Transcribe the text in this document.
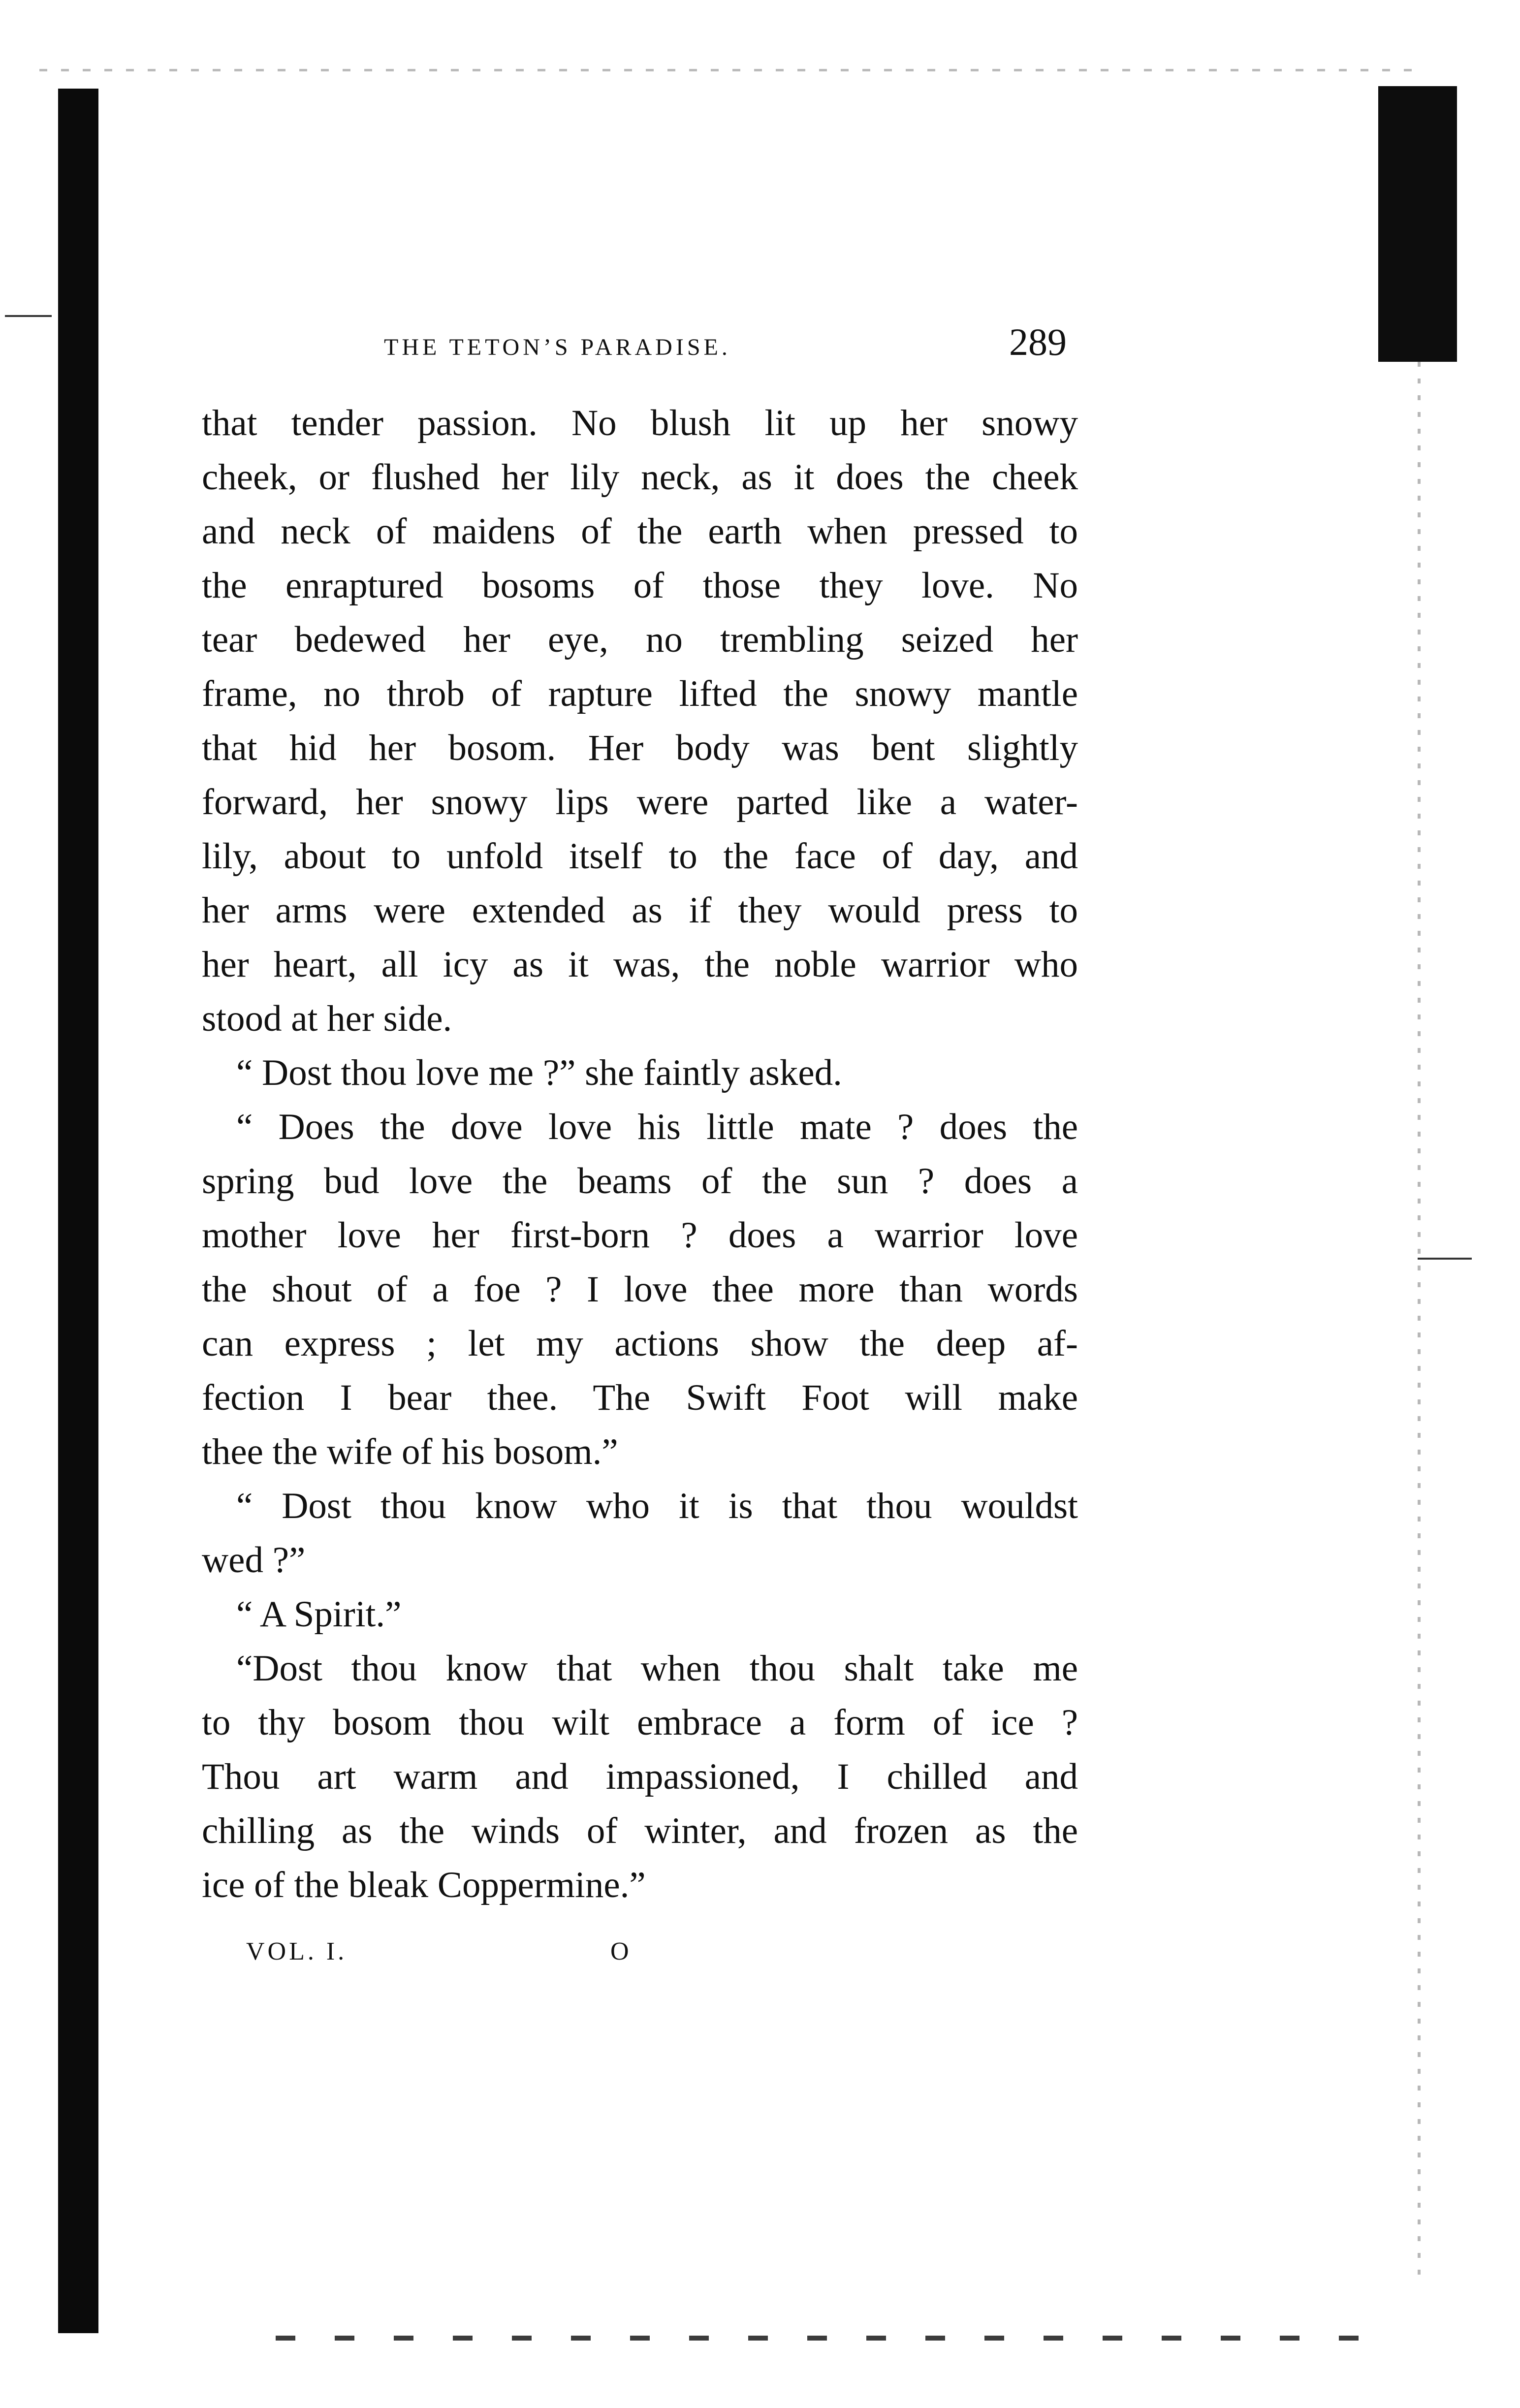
THE TETON’S PARADISE.	289
that tender passion. No blush lit up her snowy
cheek, or flushed her lily neck, as it does the cheek
and neck of maidens of the earth when pressed to
the enraptured bosoms of those they love. No
tear bedewed her eye, no trembling seized her
frame, no throb of rapture lifted the snowy mantle
that hid her bosom. Her body was bent slightly
forward, her snowy lips were parted like a water-
lily, about to unfold itself to the face of day, and
her arms were extended as if they would press to
her heart, all icy as it was, the noble warrior who
stood at her side.
“ Dost thou love me ?” she faintly asked.
“ Does the dove love his little mate ? does the
spring bud love the beams of the sun ? does a
mother love her first-born ? does a warrior love
the shout of a foe ? I love thee more than words
can express ; let my actions show the deep af-
fection I bear thee. The Swift Foot will make
thee the wife of his bosom.”
“ Dost thou know who it is that thou wouldst
wed ?”
“ A Spirit.”
“Dost thou know that when thou shalt take me
to thy bosom thou wilt embrace a form of ice ?
Thou art warm and impassioned, I chilled and
chilling as the winds of winter, and frozen as the
ice of the bleak Coppermine.”
VOL. I.	O
